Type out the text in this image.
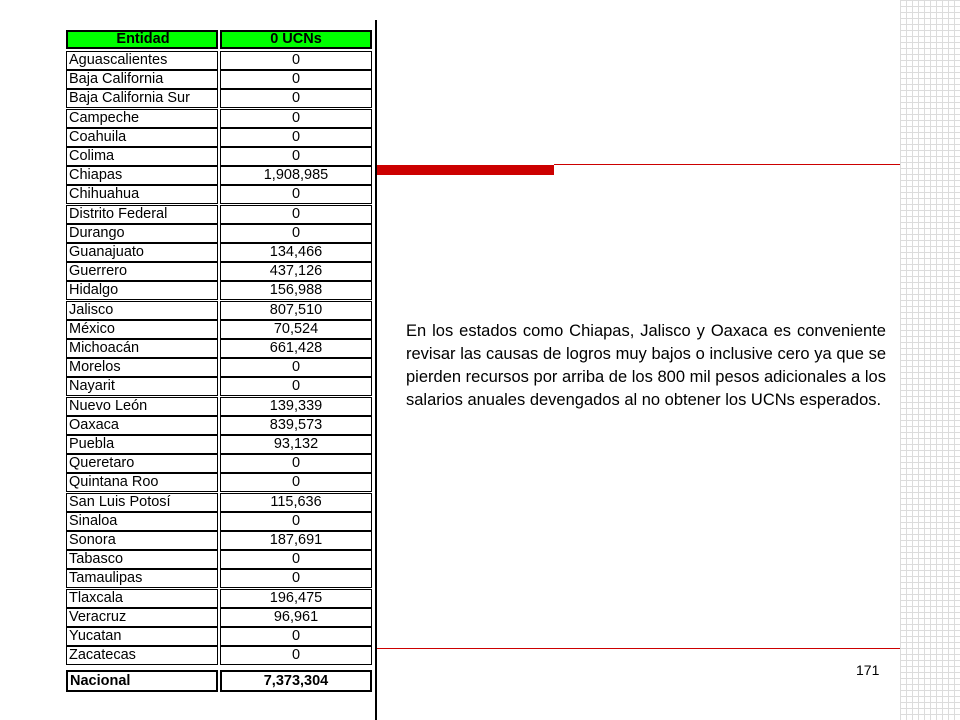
Entidad	0 UCNs
Aguascalientes	0
Baja California	0
Baja California Sur	0
Campeche	0
Coahuila	0
Colima	0
Chiapas	1,908,985
Chihuahua	0
Distrito Federal	0
Durango	0
Guanajuato	134,466
Guerrero	437,126
Hidalgo	156,988
Jalisco	807,510
México	70,524
Michoacán	661,428
Morelos	0
Nayarit	0
Nuevo León	139,339
Oaxaca	839,573
Puebla	93,132
Queretaro	0
Quintana Roo	0
San Luis Potosí	115,636
Sinaloa	0
Sonora	187,691
Tabasco	0
Tamaulipas	0
Tlaxcala	196,475
Veracruz	96,961
Yucatan	0
Zacatecas	0
Nacional	7,373,304

En los estados como Chiapas, Jalisco y Oaxaca es conveniente revisar las causas de logros muy bajos o inclusive cero ya que se pierden recursos por arriba de los 800 mil pesos adicionales a los salarios anuales devengados al no obtener los UCNs esperados.

171
